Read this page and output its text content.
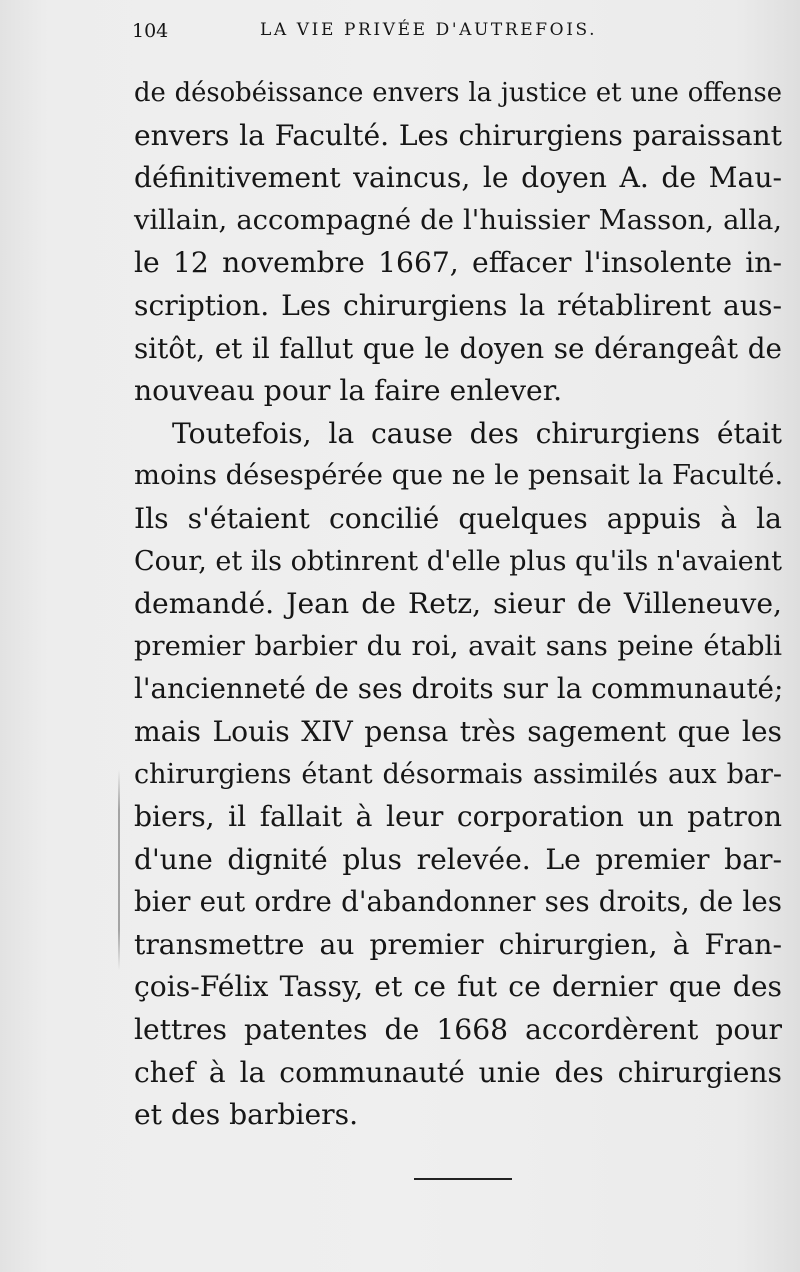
104	LA VIE PRIVÉE D'AUTREFOIS.
de désobéissance envers la justice et une offense
envers la Faculté. Les chirurgiens paraissant
définitivement vaincus, le doyen A. de Mau-
villain, accompagné de l'huissier Masson, alla,
le 12 novembre 1667, effacer l'insolente in-
scription. Les chirurgiens la rétablirent aus-
sitôt, et il fallut que le doyen se dérangeât de
nouveau pour la faire enlever.
Toutefois, la cause des chirurgiens était
moins désespérée que ne le pensait la Faculté.
Ils s'étaient concilié quelques appuis à la
Cour, et ils obtinrent d'elle plus qu'ils n'avaient
demandé. Jean de Retz, sieur de Villeneuve,
premier barbier du roi, avait sans peine établi
l'ancienneté de ses droits sur la communauté;
mais Louis XIV pensa très sagement que les
chirurgiens étant désormais assimilés aux bar-
biers, il fallait à leur corporation un patron
d'une dignité plus relevée. Le premier bar-
bier eut ordre d'abandonner ses droits, de les
transmettre au premier chirurgien, à Fran-
çois-Félix Tassy, et ce fut ce dernier que des
lettres patentes de 1668 accordèrent pour
chef à la communauté unie des chirurgiens
et des barbiers.
